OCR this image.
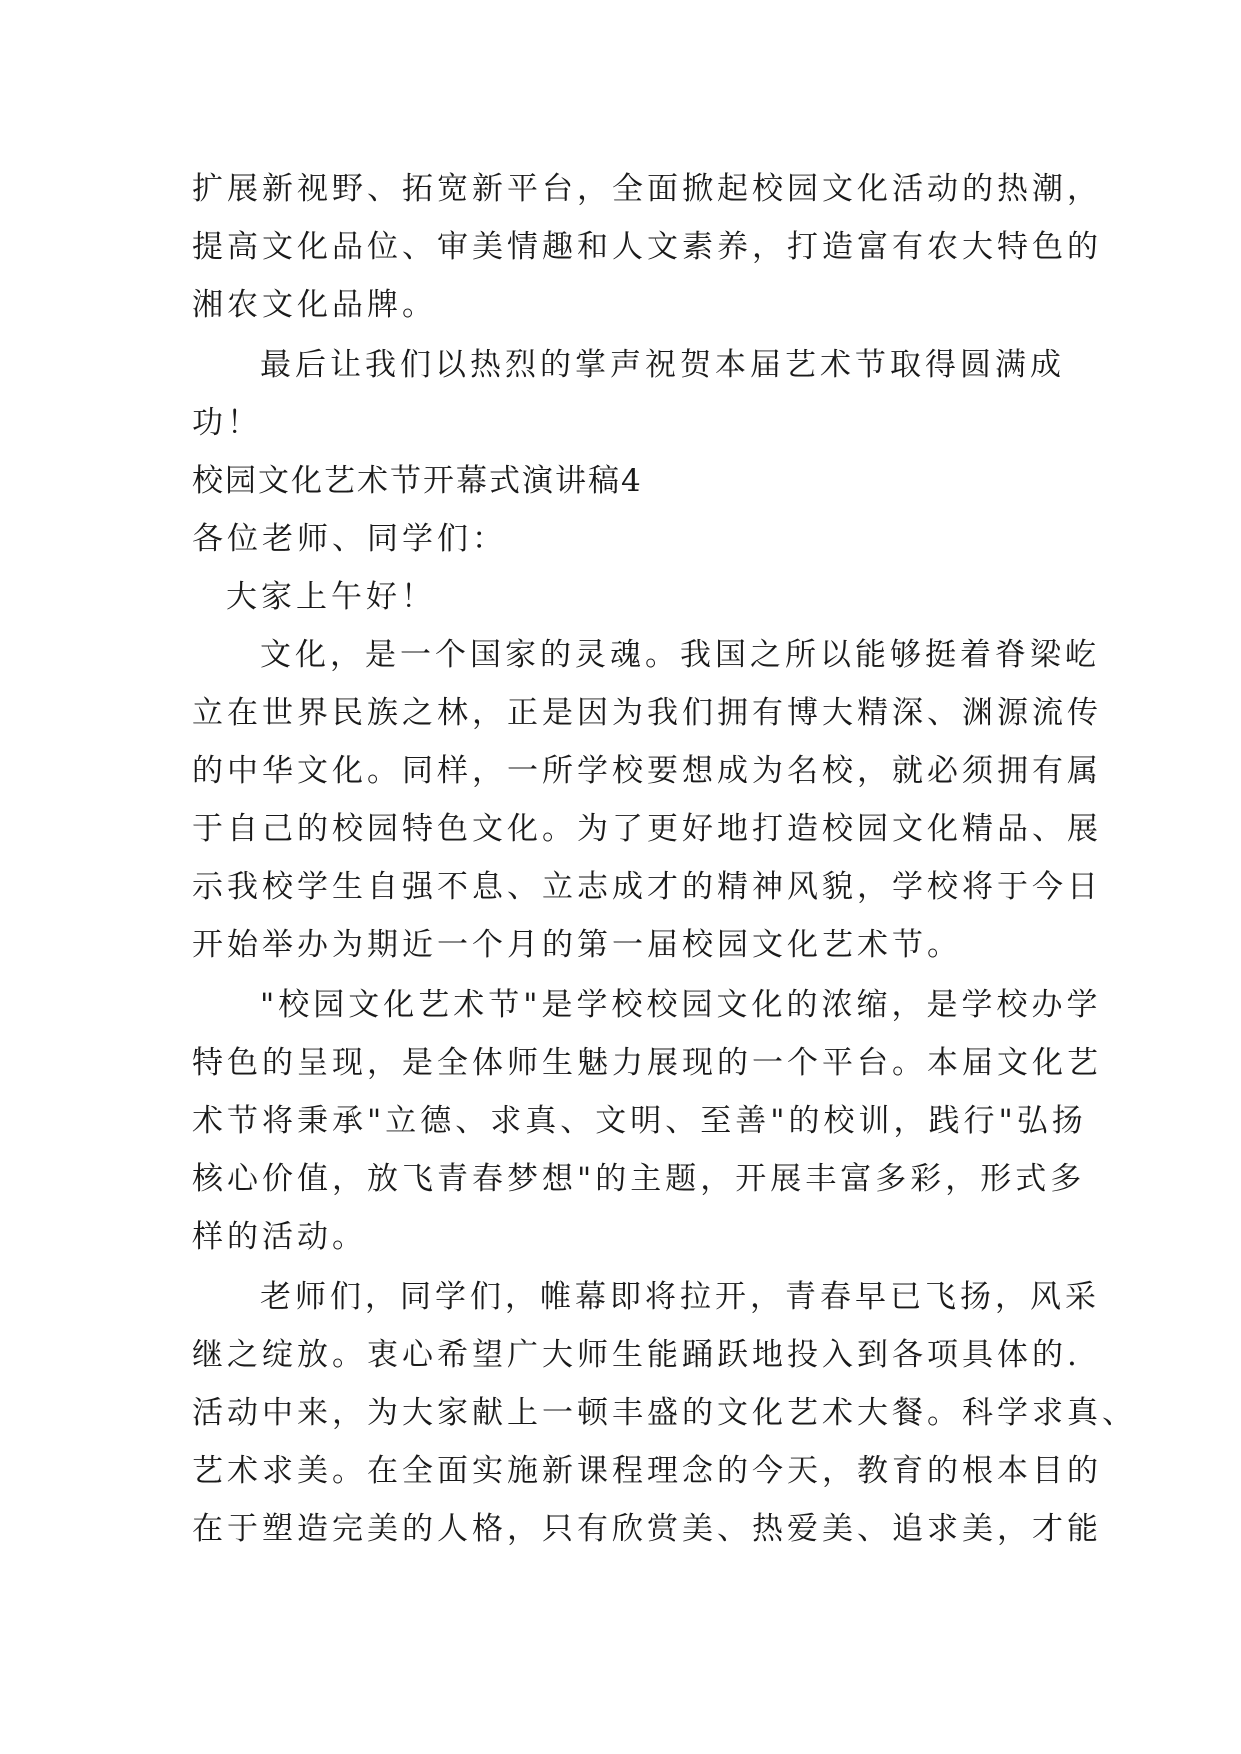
扩展新视野、拓宽新平台，全面掀起校园文化活动的热潮，
提高文化品位、审美情趣和人文素养，打造富有农大特色的
湘农文化品牌。
最后让我们以热烈的掌声祝贺本届艺术节取得圆满成
功！
校园文化艺术节开幕式演讲稿4
各位老师、同学们：
大家上午好！
文化，是一个国家的灵魂。我国之所以能够挺着脊梁屹
立在世界民族之林，正是因为我们拥有博大精深、渊源流传
的中华文化。同样，一所学校要想成为名校，就必须拥有属
于自己的校园特色文化。为了更好地打造校园文化精品、展
示我校学生自强不息、立志成才的精神风貌，学校将于今日
开始举办为期近一个月的第一届校园文化艺术节。
"校园文化艺术节"是学校校园文化的浓缩，是学校办学
特色的呈现，是全体师生魅力展现的一个平台。本届文化艺
术节将秉承"立德、求真、文明、至善"的校训，践行"弘扬
核心价值，放飞青春梦想"的主题，开展丰富多彩，形式多
样的活动。
老师们，同学们，帷幕即将拉开，青春早已飞扬，风采
继之绽放。衷心希望广大师生能踊跃地投入到各项具体的.
活动中来，为大家献上一顿丰盛的文化艺术大餐。科学求真、
艺术求美。在全面实施新课程理念的今天，教育的根本目的
在于塑造完美的人格，只有欣赏美、热爱美、追求美，才能
